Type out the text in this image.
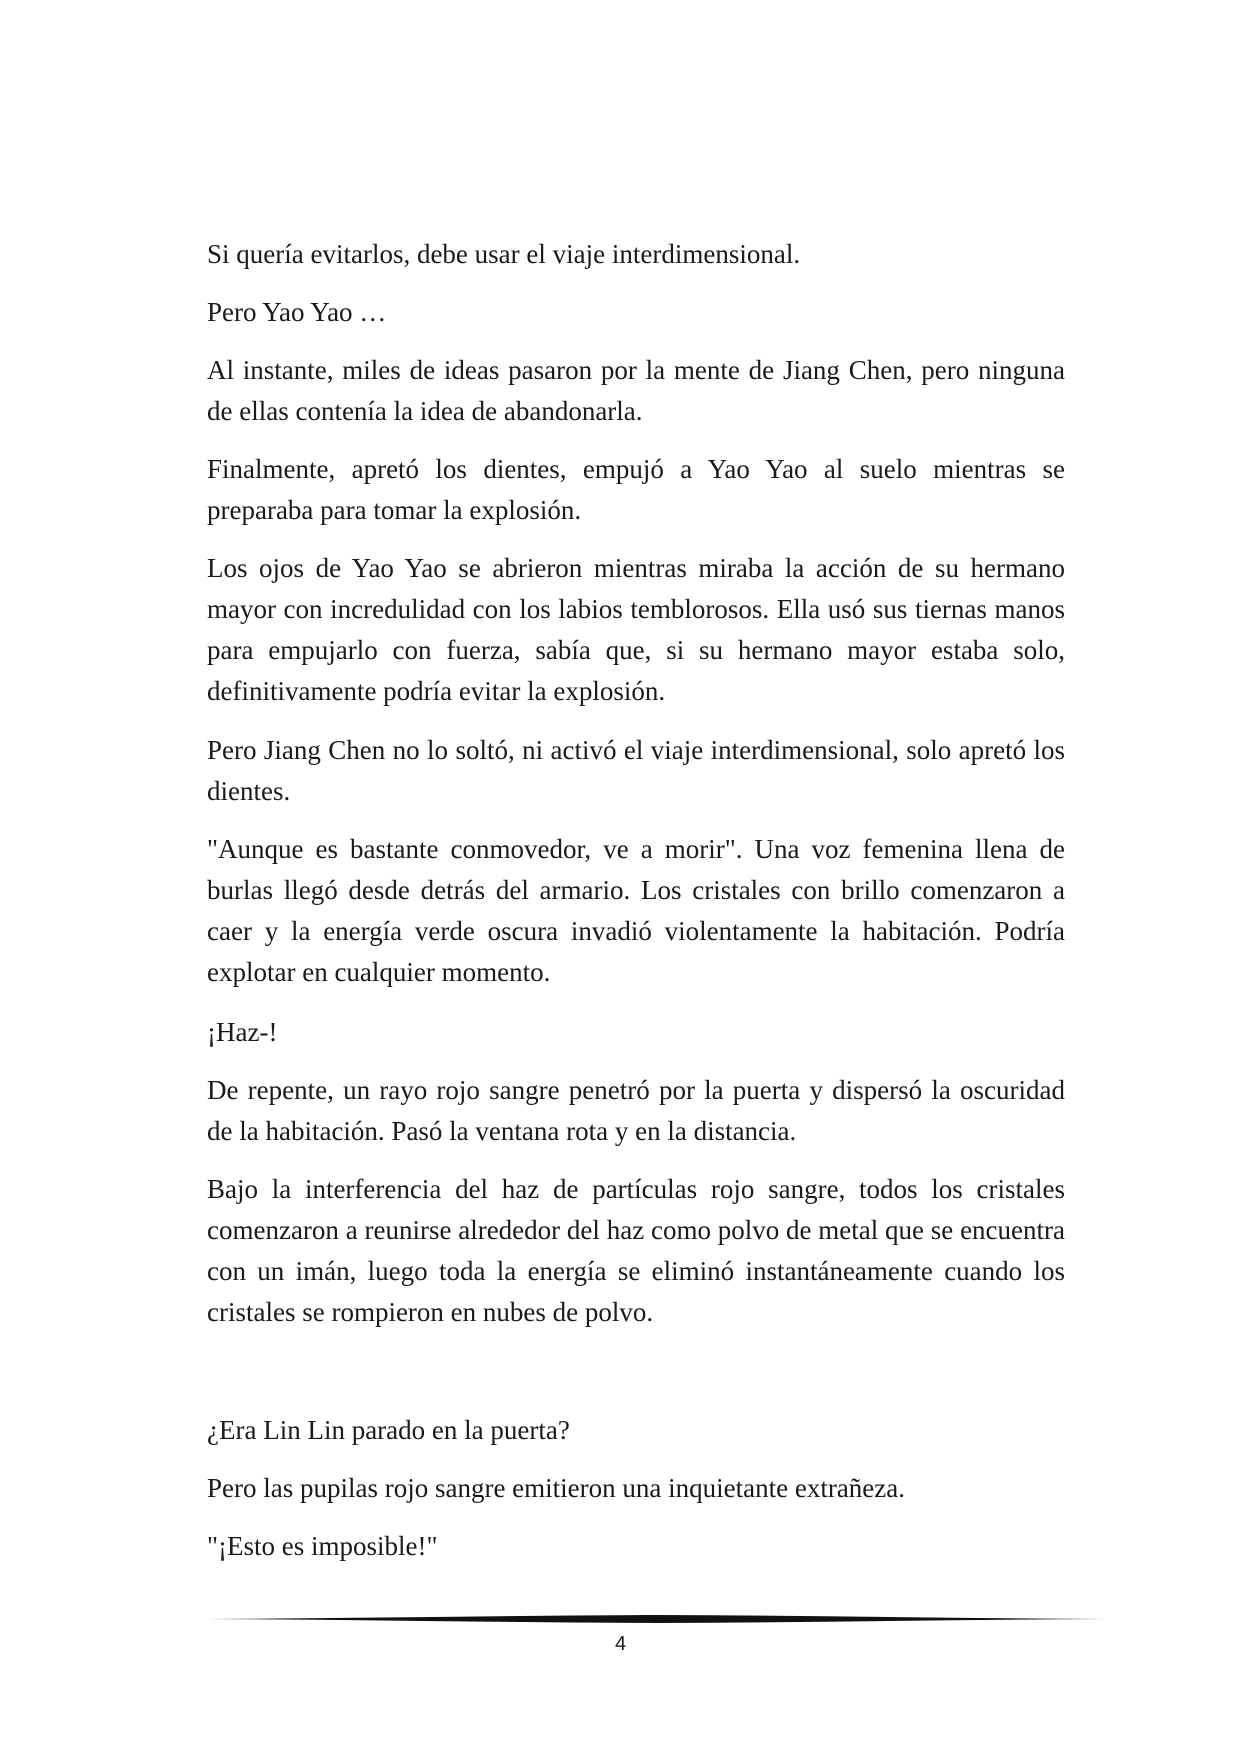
Si quería evitarlos, debe usar el viaje interdimensional.

Pero Yao Yao …

Al instante, miles de ideas pasaron por la mente de Jiang Chen, pero ninguna de ellas contenía la idea de abandonarla.

Finalmente, apretó los dientes, empujó a Yao Yao al suelo mientras se preparaba para tomar la explosión.

Los ojos de Yao Yao se abrieron mientras miraba la acción de su hermano mayor con incredulidad con los labios temblorosos. Ella usó sus tiernas manos para empujarlo con fuerza, sabía que, si su hermano mayor estaba solo, definitivamente podría evitar la explosión.

Pero Jiang Chen no lo soltó, ni activó el viaje interdimensional, solo apretó los dientes.

"Aunque es bastante conmovedor, ve a morir". Una voz femenina llena de burlas llegó desde detrás del armario. Los cristales con brillo comenzaron a caer y la energía verde oscura invadió violentamente la habitación. Podría explotar en cualquier momento.

¡Haz-!

De repente, un rayo rojo sangre penetró por la puerta y dispersó la oscuridad de la habitación. Pasó la ventana rota y en la distancia.

Bajo la interferencia del haz de partículas rojo sangre, todos los cristales comenzaron a reunirse alrededor del haz como polvo de metal que se encuentra con un imán, luego toda la energía se eliminó instantáneamente cuando los cristales se rompieron en nubes de polvo.

¿Era Lin Lin parado en la puerta?

Pero las pupilas rojo sangre emitieron una inquietante extrañeza.

"¡Esto es imposible!"

4
